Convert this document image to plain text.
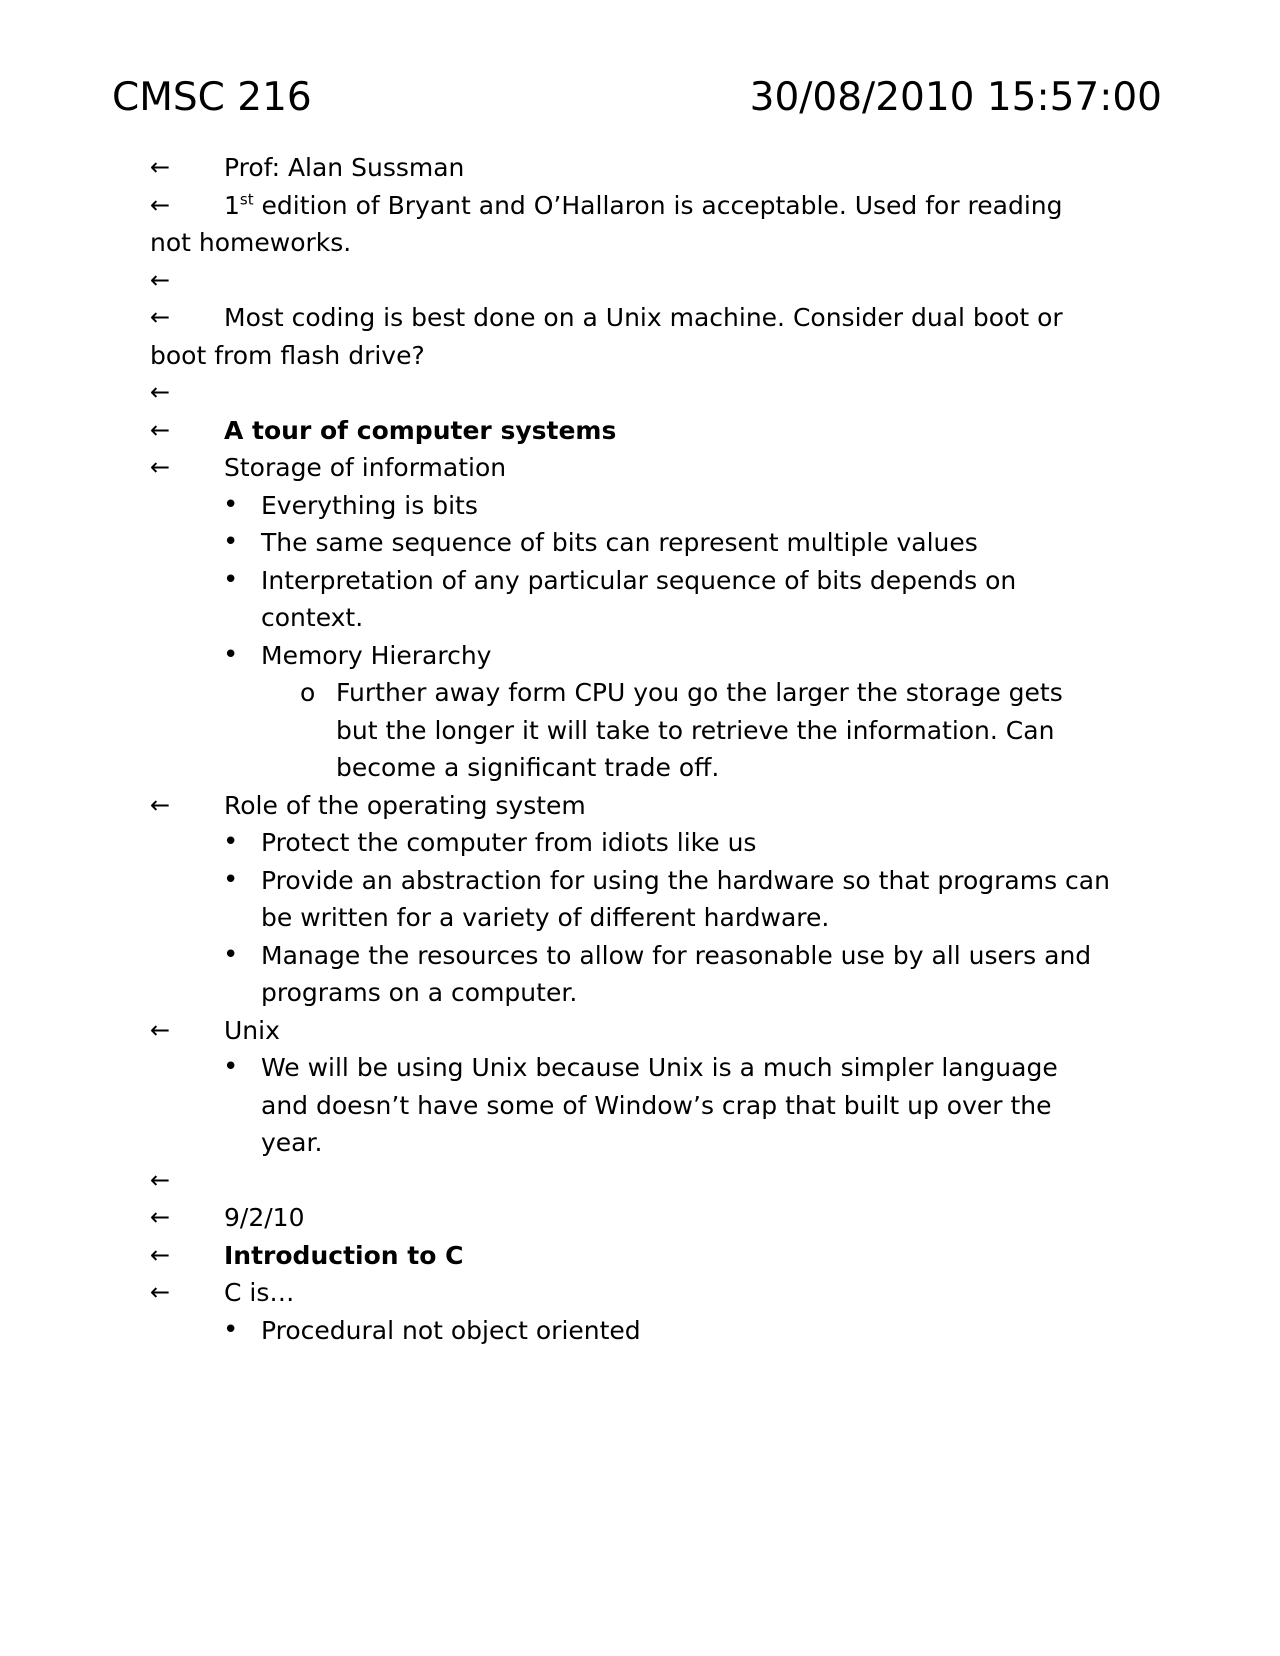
CMSC 216	30/08/2010 15:57:00
←	Prof: Alan Sussman
←	1st edition of Bryant and O’Hallaron is acceptable. Used for reading not homeworks.
←
←	Most coding is best done on a Unix machine. Consider dual boot or boot from flash drive?
←
←	A tour of computer systems
←	Storage of information
• Everything is bits
• The same sequence of bits can represent multiple values
• Interpretation of any particular sequence of bits depends on context.
• Memory Hierarchy
o Further away form CPU you go the larger the storage gets but the longer it will take to retrieve the information. Can become a significant trade off.
←	Role of the operating system
• Protect the computer from idiots like us
• Provide an abstraction for using the hardware so that programs can be written for a variety of different hardware.
• Manage the resources to allow for reasonable use by all users and programs on a computer.
←	Unix
• We will be using Unix because Unix is a much simpler language and doesn’t have some of Window’s crap that built up over the year.
←
←	9/2/10
←	Introduction to C
←	C is…
• Procedural not object oriented
